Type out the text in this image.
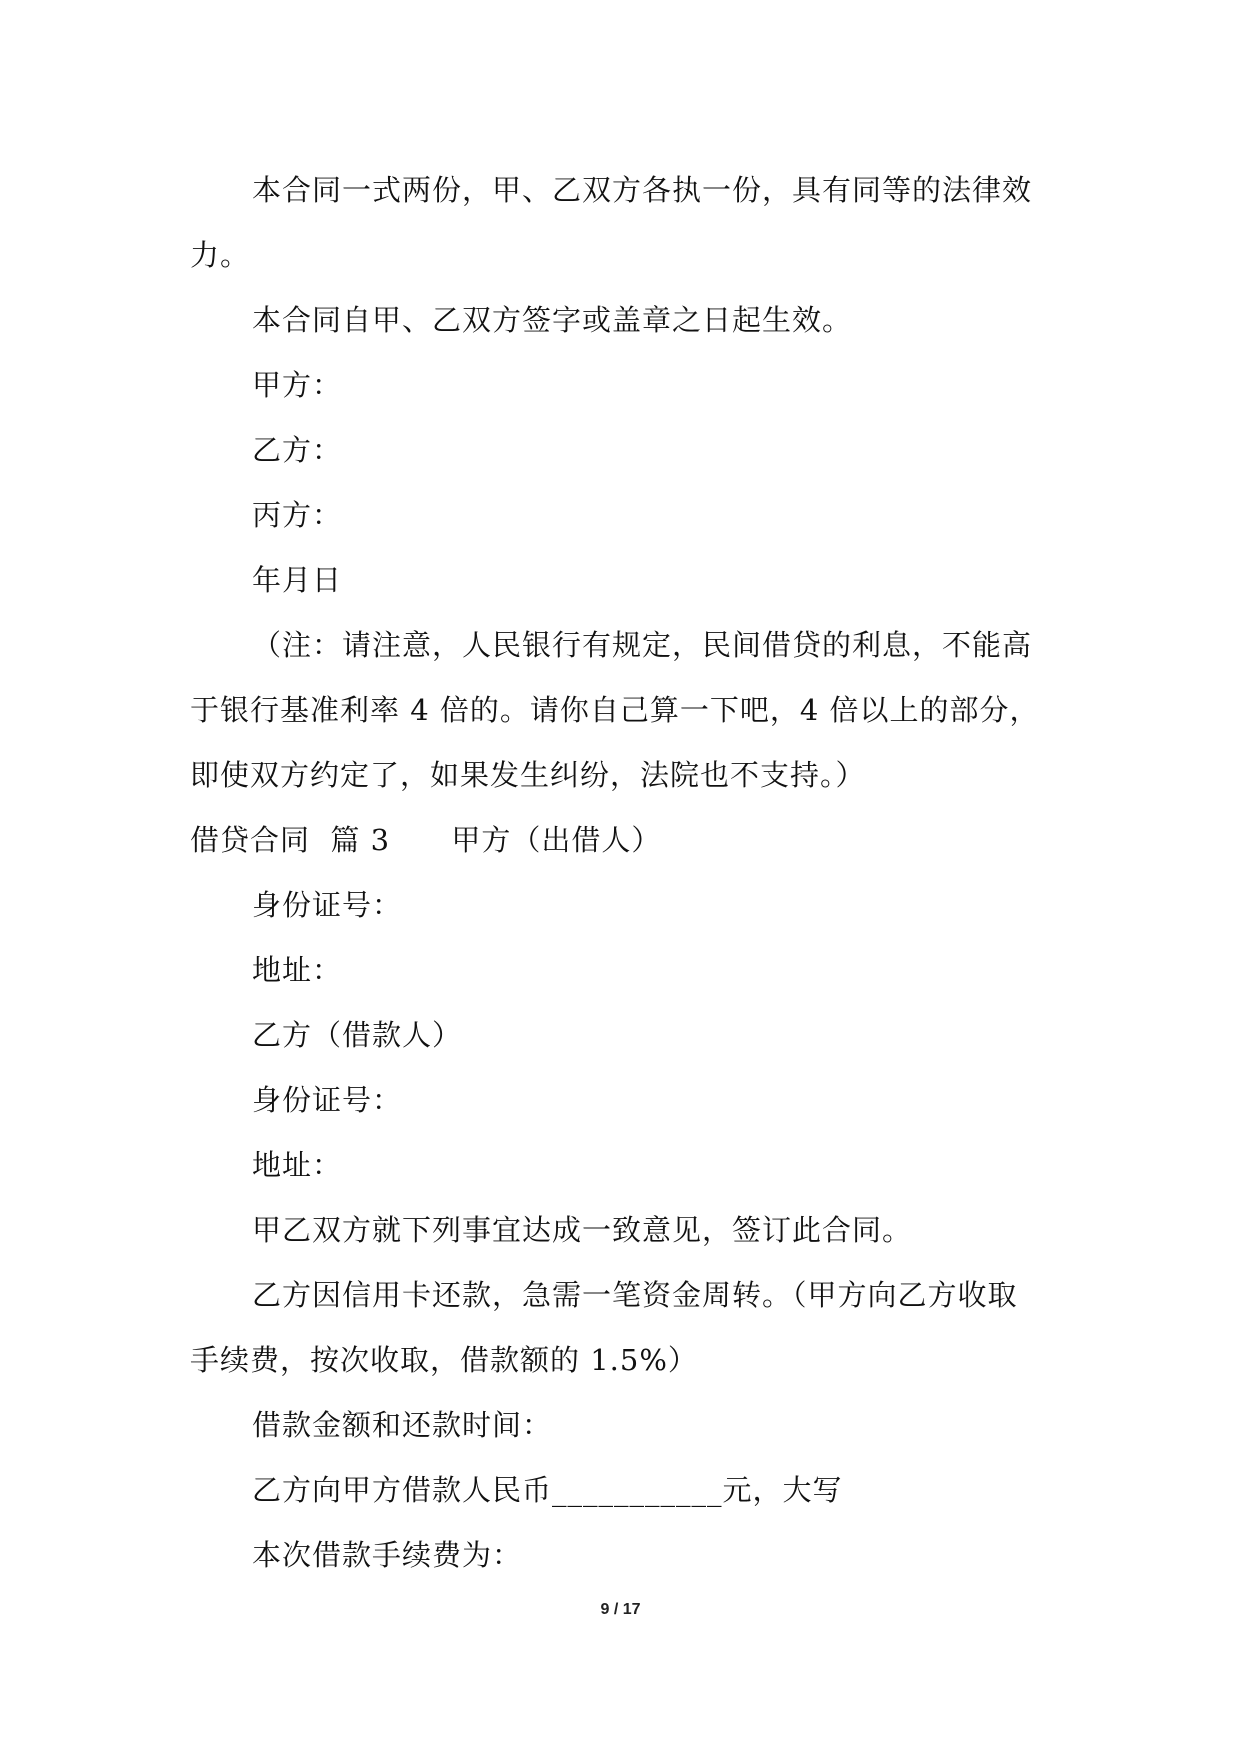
本合同一式两份，甲、乙双方各执一份，具有同等的法律效
力。
本合同自甲、乙双方签字或盖章之日起生效。
甲方：
乙方：
丙方：
年月日
（注：请注意，人民银行有规定，民间借贷的利息，不能高
于银行基准利率 4 倍的。请你自己算一下吧，4 倍以上的部分，
即使双方约定了，如果发生纠纷，法院也不支持。）
借贷合同  篇 3      甲方（出借人）
身份证号：
地址：
乙方（借款人）
身份证号：
地址：
甲乙双方就下列事宜达成一致意见，签订此合同。
乙方因信用卡还款，急需一笔资金周转。（甲方向乙方收取
手续费，按次收取，借款额的 1.5%）
借款金额和还款时间：
乙方向甲方借款人民币___________元，大写
本次借款手续费为：
9 / 17
